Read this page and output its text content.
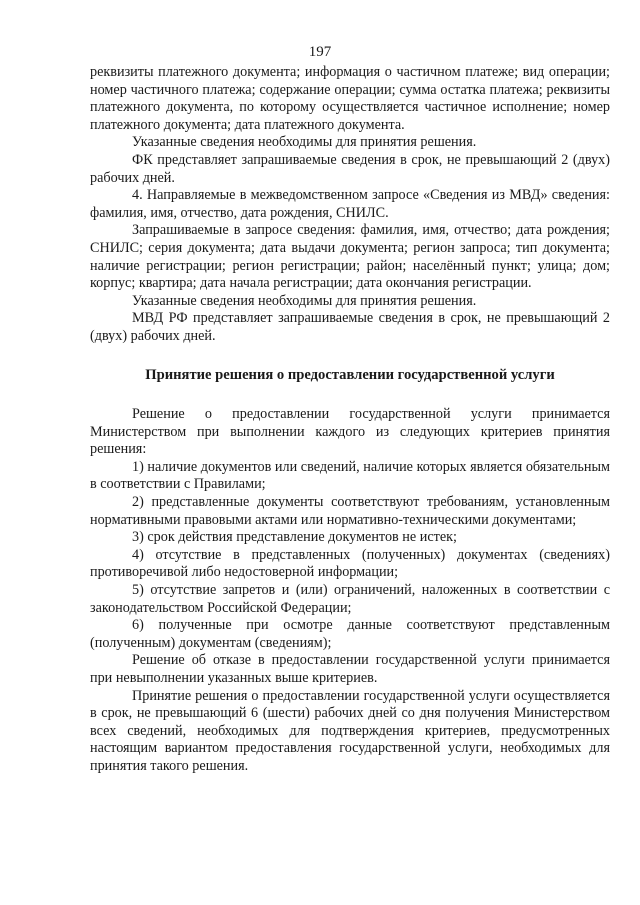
197

реквизиты платежного документа; информация о частичном платеже; вид операции; номер частичного платежа; содержание операции; сумма остатка платежа; реквизиты платежного документа, по которому осуществляется частичное исполнение; номер платежного документа; дата платежного документа.

Указанные сведения необходимы для принятия решения.

ФК представляет запрашиваемые сведения в срок, не превышающий 2 (двух) рабочих дней.

4. Направляемые в межведомственном запросе «Сведения из МВД» сведения: фамилия, имя, отчество, дата рождения, СНИЛС.

Запрашиваемые в запросе сведения: фамилия, имя, отчество; дата рождения; СНИЛС; серия документа; дата выдачи документа; регион запроса; тип документа; наличие регистрации; регион регистрации; район; населённый пункт; улица; дом; корпус; квартира; дата начала регистрации; дата окончания регистрации.

Указанные сведения необходимы для принятия решения.

МВД РФ представляет запрашиваемые сведения в срок, не превышающий 2 (двух) рабочих дней.

Принятие решения о предоставлении государственной услуги

Решение о предоставлении государственной услуги принимается Министерством при выполнении каждого из следующих критериев принятия решения:

1) наличие документов или сведений, наличие которых является обязательным в соответствии с Правилами;

2) представленные документы соответствуют требованиям, установленным нормативными правовыми актами или нормативно-техническими документами;

3) срок действия представление документов не истек;

4) отсутствие в представленных (полученных) документах (сведениях) противоречивой либо недостоверной информации;

5) отсутствие запретов и (или) ограничений, наложенных в соответствии с законодательством Российской Федерации;

6) полученные при осмотре данные соответствуют представленным (полученным) документам (сведениям);

Решение об отказе в предоставлении государственной услуги принимается при невыполнении указанных выше критериев.

Принятие решения о предоставлении государственной услуги осуществляется в срок, не превышающий 6 (шести) рабочих дней со дня получения Министерством всех сведений, необходимых для подтверждения критериев, предусмотренных настоящим вариантом предоставления государственной услуги, необходимых для принятия такого решения.
